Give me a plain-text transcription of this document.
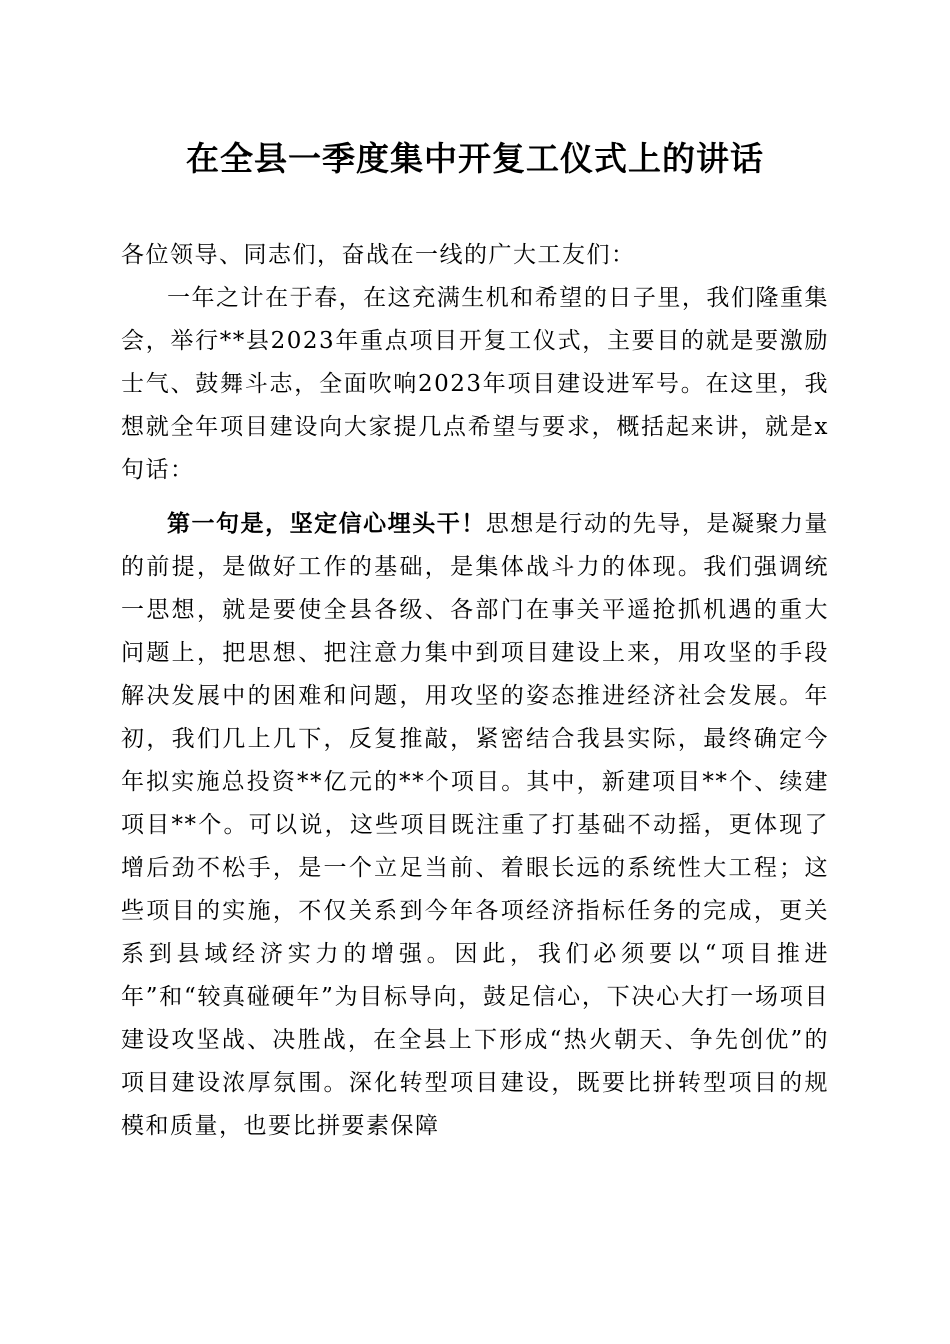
在全县一季度集中开复工仪式上的讲话

各位领导、同志们，奋战在一线的广大工友们：

一年之计在于春，在这充满生机和希望的日子里，我们隆重集会，举行**县2023年重点项目开复工仪式，主要目的就是要激励士气、鼓舞斗志，全面吹响2023年项目建设进军号。在这里，我想就全年项目建设向大家提几点希望与要求，概括起来讲，就是x句话：

第一句是，坚定信心埋头干！思想是行动的先导，是凝聚力量的前提，是做好工作的基础，是集体战斗力的体现。我们强调统一思想，就是要使全县各级、各部门在事关平遥抢抓机遇的重大问题上，把思想、把注意力集中到项目建设上来，用攻坚的手段解决发展中的困难和问题，用攻坚的姿态推进经济社会发展。年初，我们几上几下，反复推敲，紧密结合我县实际，最终确定今年拟实施总投资**亿元的**个项目。其中，新建项目**个、续建项目**个。可以说，这些项目既注重了打基础不动摇，更体现了增后劲不松手，是一个立足当前、着眼长远的系统性大工程；这些项目的实施，不仅关系到今年各项经济指标任务的完成，更关系到县域经济实力的增强。因此，我们必须要以“项目推进年”和“较真碰硬年”为目标导向，鼓足信心，下决心大打一场项目建设攻坚战、决胜战，在全县上下形成“热火朝天、争先创优”的项目建设浓厚氛围。深化转型项目建设，既要比拼转型项目的规模和质量，也要比拼要素保障
